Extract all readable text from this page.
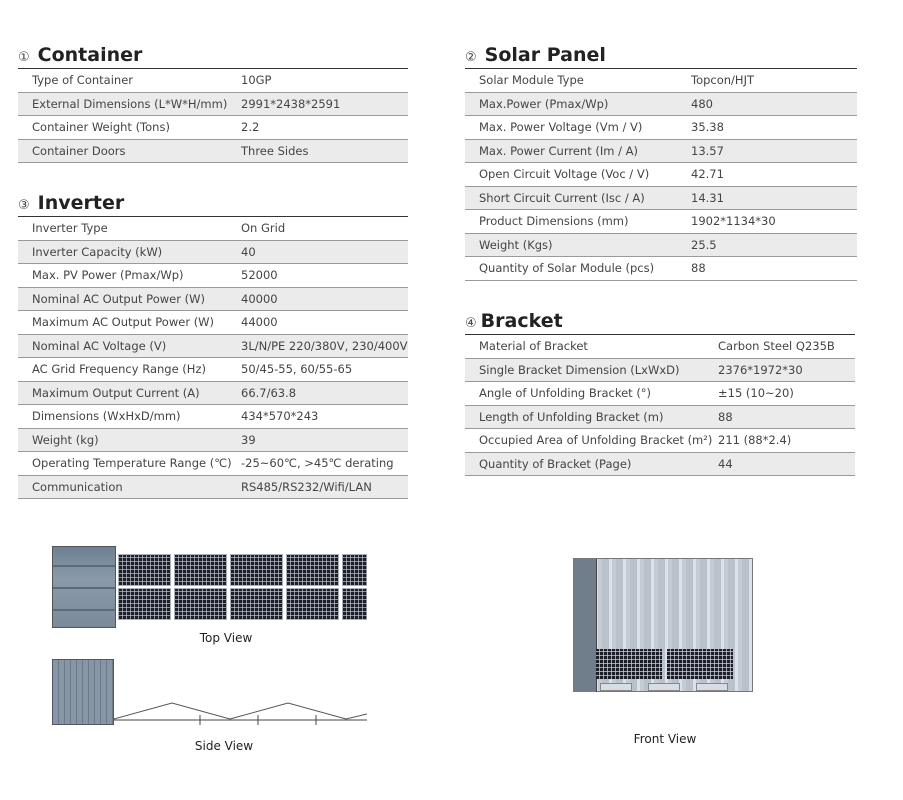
① Container
Type of Container	10GP
External Dimensions (L*W*H/mm)	2991*2438*2591
Container Weight (Tons)	2.2
Container Doors	Three Sides
③ Inverter
Inverter Type	On Grid
Inverter Capacity (kW)	40
Max. PV Power (Pmax/Wp)	52000
Nominal AC Output Power (W)	40000
Maximum AC Output Power (W)	44000
Nominal AC Voltage (V)	3L/N/PE 220/380V, 230/400V
AC Grid Frequency Range (Hz)	50/45-55, 60/55-65
Maximum Output Current (A)	66.7/63.8
Dimensions (WxHxD/mm)	434*570*243
Weight (kg)	39
Operating Temperature Range (℃)	-25~60℃, >45℃ derating
Communication	RS485/RS232/Wifi/LAN
② Solar Panel
Solar Module Type	Topcon/HJT
Max.Power (Pmax/Wp)	480
Max. Power Voltage (Vm / V)	35.38
Max. Power Current (Im / A)	13.57
Open Circuit Voltage (Voc / V)	42.71
Short Circuit Current (Isc / A)	14.31
Product Dimensions (mm)	1902*1134*30
Weight (Kgs)	25.5
Quantity of Solar Module (pcs)	88
④ Bracket
Material of Bracket	Carbon Steel Q235B
Single Bracket Dimension (LxWxD)	2376*1972*30
Angle of Unfolding Bracket (°)	±15 (10~20)
Length of Unfolding Bracket (m)	88
Occupied Area of Unfolding Bracket (m²)	211 (88*2.4)
Quantity of Bracket (Page)	44
Top View
Side View	Front View
